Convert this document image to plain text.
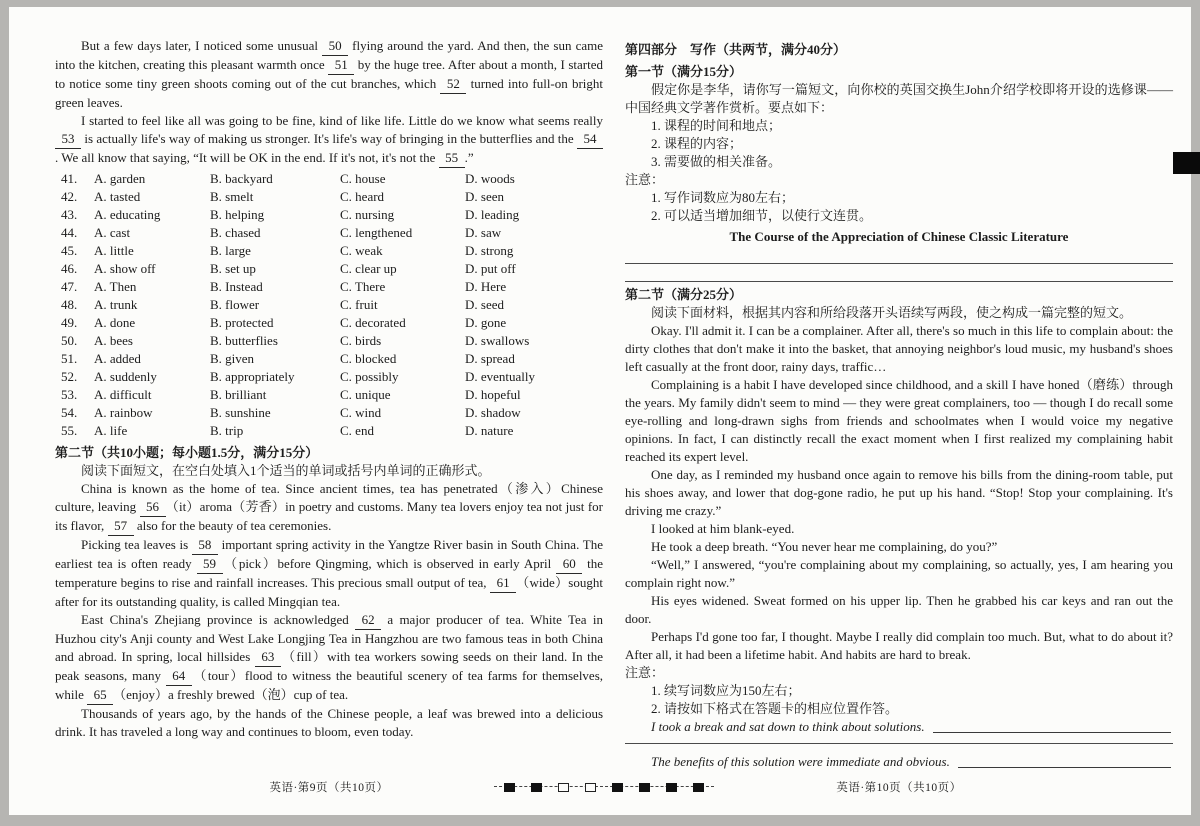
But a few days later, I noticed some unusual 50 flying around the yard. And then, the sun came into the kitchen, creating this pleasant warmth once 51 by the huge tree. After about a month, I started to notice some tiny green shoots coming out of the cut branches, which 52 turned into full-on bright green leaves.
I started to feel like all was going to be fine, kind of like life. Little do we know what seems really 53 is actually life's way of making us stronger. It's life's way of bringing in the butterflies and the 54. We all know that saying, “It will be OK in the end. If it's not, it's not the 55 .”
41.	A. garden	B. backyard	C. house	D. woods
42.	A. tasted	B. smelt	C. heard	D. seen
43.	A. educating	B. helping	C. nursing	D. leading
44.	A. cast	B. chased	C. lengthened	D. saw
45.	A. little	B. large	C. weak	D. strong
46.	A. show off	B. set up	C. clear up	D. put off
47.	A. Then	B. Instead	C. There	D. Here
48.	A. trunk	B. flower	C. fruit	D. seed
49.	A. done	B. protected	C. decorated	D. gone
50.	A. bees	B. butterflies	C. birds	D. swallows
51.	A. added	B. given	C. blocked	D. spread
52.	A. suddenly	B. appropriately	C. possibly	D. eventually
53.	A. difficult	B. brilliant	C. unique	D. hopeful
54.	A. rainbow	B. sunshine	C. wind	D. shadow
55.	A. life	B. trip	C. end	D. nature
第二节（共10小题；每小题1.5分，满分15分）

阅读下面短文，在空白处填入1个适当的单词或括号内单词的正确形式。

China is known as the home of tea. Since ancient times, tea has penetrated（渗入）Chinese culture, leaving 56 （it）aroma（芳香）in poetry and customs. Many tea lovers enjoy tea not just for its flavor, 57 also for the beauty of tea ceremonies.
Picking tea leaves is 58 important spring activity in the Yangtze River basin in South China. The earliest tea is often ready 59 （pick）before Qingming, which is observed in early April 60 the temperature begins to rise and rainfall increases. This precious small output of tea, 61 （wide）sought after for its outstanding quality, is called Mingqian tea.
East China's Zhejiang province is acknowledged 62 a major producer of tea. White Tea in Huzhou city's Anji county and West Lake Longjing Tea in Hangzhou are two famous teas in both China and abroad. In spring, local hillsides 63 （fill）with tea workers sowing seeds on their land. In the peak seasons, many 64 （tour）flood to witness the beautiful scenery of tea farms for themselves, while 65 （enjoy）a freshly brewed（泡）cup of tea.
Thousands of years ago, by the hands of the Chinese people, a leaf was brewed into a delicious drink. It has traveled a long way and continues to bloom, even today.
第四部分　写作（共两节，满分40分）
第一节（满分15分）

假定你是李华，请你写一篇短文，向你校的英国交换生John介绍学校即将开设的选修课——中国经典文学著作赏析。要点如下：

1. 课程的时间和地点；
2. 课程的内容；
3. 需要做的相关准备。
注意：
1. 写作词数应为80左右；
2. 可以适当增加细节，以使行文连贯。
The Course of the Appreciation of Chinese Classic Literature
第二节（满分25分）

阅读下面材料，根据其内容和所给段落开头语续写两段，使之构成一篇完整的短文。

Okay. I'll admit it. I can be a complainer. After all, there's so much in this life to complain about: the dirty clothes that don't make it into the basket, that annoying neighbor's loud music, my husband's shoes left casually at the front door, rainy days, traffic…
Complaining is a habit I have developed since childhood, and a skill I have honed（磨练）through the years. My family didn't seem to mind — they were great complainers, too — though I do recall some eye-rolling and long-drawn sighs from friends and schoolmates when I would voice my negative opinions. In fact, I can distinctly recall the exact moment when I first realized my complaining habit reached its expert level.
One day, as I reminded my husband once again to remove his bills from the dining-room table, put his shoes away, and lower that dog-gone radio, he put up his hand. “Stop! Stop your complaining. It's driving me crazy.”
I looked at him blank-eyed.
He took a deep breath. “You never hear me complaining, do you?”
“Well,” I answered, “you're complaining about my complaining, so actually, yes, I am hearing you complain right now.”
His eyes widened. Sweat formed on his upper lip. Then he grabbed his car keys and ran out the door.
Perhaps I'd gone too far, I thought. Maybe I really did complain too much. But, what to do about it? After all, it had been a lifetime habit. And habits are hard to break.
注意：
1. 续写词数应为150左右；
2. 请按如下格式在答题卡的相应位置作答。
I took a break and sat down to think about solutions.
The benefits of this solution were immediate and obvious.
英语·第9页（共10页）	英语·第10页（共10页）
